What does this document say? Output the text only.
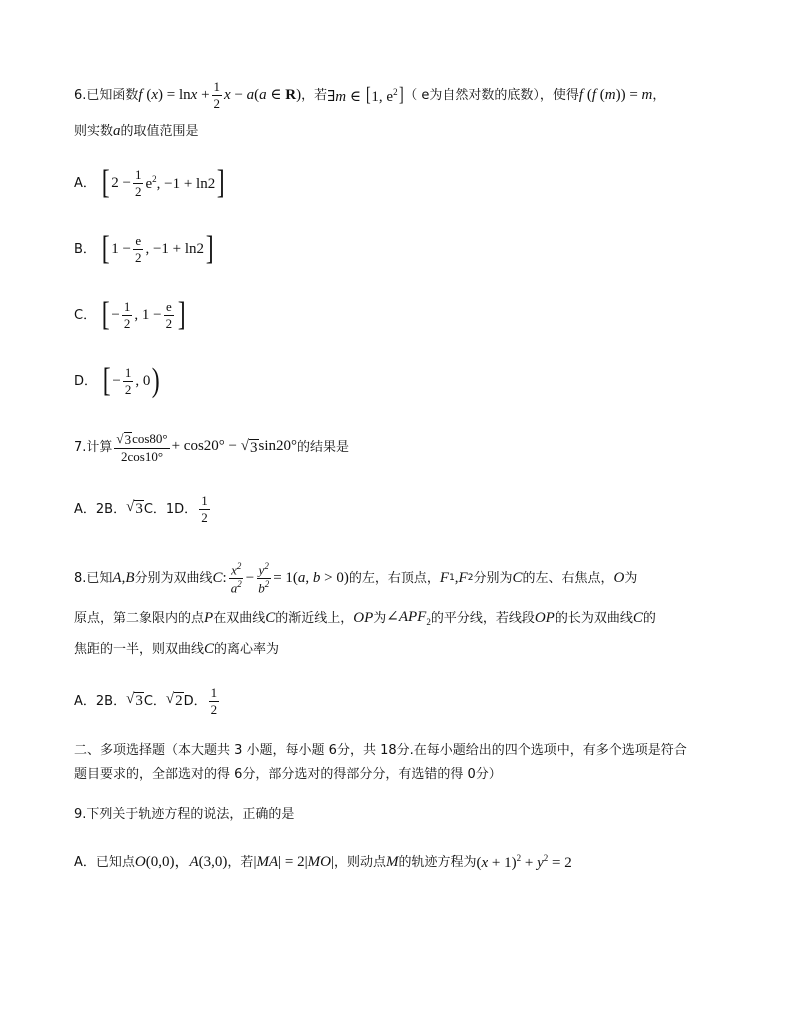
6. 已知函数 f $(x) = \ln x + \frac{1}{2}$ x − a(a ∈ R) ，若 ∃m ∈ [1, $e^2$] （ e为自然对数的底数），使得 f (f (m)) = m ，
则实数 a 的取值范围是
A． [ $2 - \frac{1}{2} e^2$, −1 + ln2 ]
B． [ $1 - \frac{e}{2}$ , −1 + ln2 ]
C． [ − $\frac{1}{2}$ , $1 - \frac{e}{2}$ ]
D． [ − $\frac{1}{2}$ , 0 )
7. 计算 $\frac{√ 3 \cos 80^\circ}{2\cos 10^\circ} + \cos 20^\circ$ − √ 3 sin20° 的结果是
A．2B． √ 3 C．1D． $\frac{1}{2}$
8. 已知 A , B 分别为双曲线 C : $\frac{x^2}{a^2} - \frac{y^2}{b^2} = 1(a$, b > 0) 的左，右顶点， F 1 , F 2 分别为 C 的左、右焦点， O 为
原点，第二象限内的点 P 在双曲线 C 的渐近线上， OP 为 $\angle APF_2$ 的平分线，若线段 OP 的长为双曲线 C 的
焦距的一半，则双曲线 C 的离心率为
A．2B． √ 3 C． √ 2 D． $\frac{1}{2}$
二、多项选择题（本大题共 3 小题，每小题 6分，共 18分.在每小题给出的四个选项中，有多个选项是符合
题目要求的，全部选对的得 6分，部分选对的得部分分，有选错的得 0分）
9.下列关于轨迹方程的说法，正确的是
A．已知点 O(0,0)，A(3,0) ，若 |MA| = 2|MO| ，则动点 M 的轨迹方程为 $(x + 1)^2 + y^2 = 2$
